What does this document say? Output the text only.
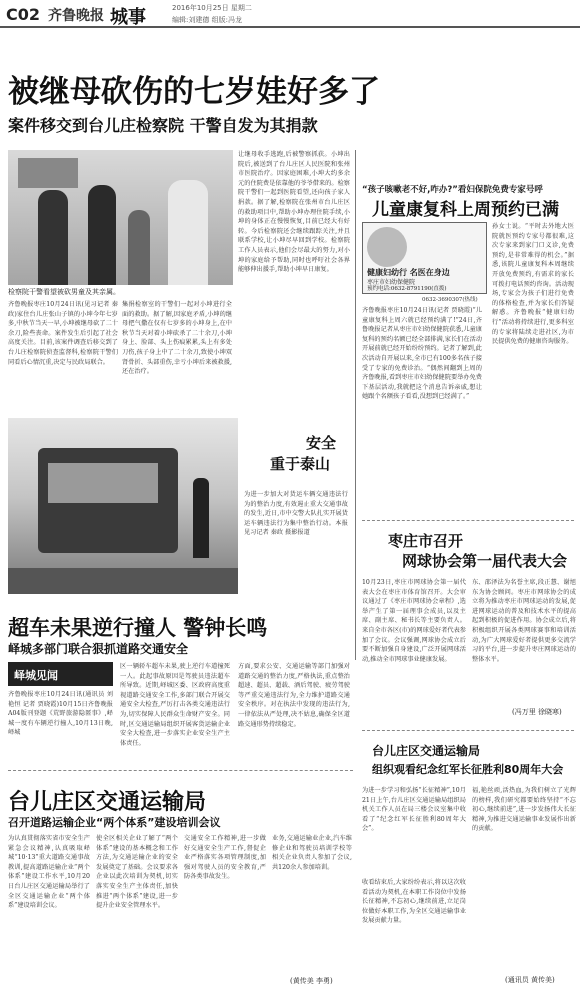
C02 齐鲁晚报 城事	2016年10月25日 星期二
编辑:刘建德 组版:冯龙
被继母砍伤的七岁娃好多了
案件移交到台儿庄检察院 干警自发为其捐款
检察院干警看望被砍男童及其亲属。
齐鲁晚报枣庄10月24日讯(见习记者 秦政)家住台儿庄张山子镇的小坤今年七岁多,中秋节当天一早,小坤被继母砍了二十余刀,险些丧命。案件发生后引起了社会高度关注。目前,该案件调查后移交到了台儿庄检察院侦查监督科,检察院干警们同看后心情沉重,决定与民政局联合。
集捐检察室的干警们一起对小坤进行全面的救助。据了解,因家庭矛盾,小坤的继母把气撒在仅有七岁多的小坤身上,在中秋节当天对着小坤砍杀了二十余刀,小坤身上、脸部、头上伤痕累累,头上有多处刀伤,孩子身上中了二十余刀,致使小坤双肾骨折、头部重伤,幸亏小坤后来被救援,还在治疗。
让继母收手逃跑,后被警察抓获。小坤出院后,被送到了台儿庄区人民医院和张州市医院治疗。因家庭困难,小坤大约多余元的住院费是依靠他的爷爷借来的。检察院干警们一起到医院看望,还向孩子家人捐款。据了解,检察院在张州市台儿庄区的救助项目中,帮助小坤办理住院手续,小坤的身体正在慢慢恢复,目前已经大有好转。今后检察院还会继续跟踪关注,并且联系学校,让小坤尽早回到学校。检察院工作人员表示,他们会尽最大的努力,对小坤的家庭给予帮助,同时也呼吁社会各界能够伸出援手,帮助小坤早日康复。
“孩子咳嗽老不好,咋办?”看妇保院免费专家号呼
儿童康复科上周预约已满
健康妇幼行 名医在身边
枣庄市妇幼保健院
预约电话:0632-8791190(直拨)
0632-3690307(热线)
齐鲁晚报枣庄10月24日讯(记者 贾晓霞)“儿童康复科上周六就已经预约满了!”24日,齐鲁晚报记者从枣庄市妇幼保健院获悉,儿童康复科的预约名额已经全部排满,家长们在活动开展前就已经开始纷纷预约。记者了解到,此次活动自开展以来,全市已有100多名孩子接受了专家的免费诊治。“偶然间翻到上周的齐鲁晚报,看到枣庄市妇幼保健院要举办免费下基层活动,我就把这个消息告诉亲戚,想让她跟个名额孩子看看,没想到已经满了。”
孙女士说。“平时去外地大医院就医预约专家号都很难,这次专家来到家门口义诊,免费预约,是非常难得的机会。”据悉,该院儿童康复科本周继续开放免费预约,有需求的家长可拨打电话预约咨询。活动现场,专家会为孩子们进行免费的体格检查,并为家长们答疑解惑。齐鲁晚报“健康妇幼行”活动将持续进行,更多科室的专家将陆续走进社区,为市民提供免费的健康咨询服务。
安全
重于泰山
为进一步加大对货运车辆交通违法行为的整治力度,有效遏止重大交通事故的发生,近日,市中交警大队扎实开展货运车辆违法行为集中整治行动。本报见习记者 秦政 摄影报道	枣庄市召开
网球协会第一届代表大会
10月23日,枣庄市网球协会第一届代表大会在枣庄市体育馆召开。大会审议通过了《枣庄市网球协会章程》,选举产生了第一届理事会成员,以及主席、副主席、秘书长等主要负责人。来自全市各区(市)的网球爱好者代表参加了会议。会议强调,网球协会成立后要不断加强自身建设,广泛开展网球活动,推动全市网球事业健康发展。
东、邵泽法为名誉主席,段正慧、谢旭东为协会顾问。枣庄市网球协会的成立将为推动枣庄市网球运动的发展,促进网球运动的普及和技术水平的提高起到积极的促进作用。协会成立后,将积极组织开展各类网球赛事和培训活动,为广大网球爱好者提供更多交流学习的平台,进一步提升枣庄网球运动的整体水平。
(冯万里 徐晓寒)
超车未果逆行撞人 警钟长鸣
峄城多部门联合狠抓道路交通安全
峄城见闻
齐鲁晚报枣庄10月24日讯(通讯员 刘艳恒 记者 贾晓霞)10月15日齐鲁晚报A04版刊登题《荒野旅游隐匿事》,峄城一度有车辆逆行撞人,10月13日晚,峄城
区一辆轿车超车未果,驶上逆行车道撞死一人。此起事故原因是驾驶员违法超车所导致。近期,峄城区委、区政府高度重视道路交通安全工作,多部门联合开展交通安全大检查,严厉打击各类交通违法行为,切实保障人民群众生命财产安全。同时,区交通运输局组织开展客货运输企业安全大检查,进一步落实企业安全生产主体责任。
方面,要求公安、交通运输等部门加强对道路交通的整治力度,严格执法,重点整治超速、超员、超载、酒后驾驶、疲劳驾驶等严重交通违法行为,全力维护道路交通安全秩序。对在执法中发现的违法行为,一律依法从严处理,决不姑息,确保全区道路交通形势持续稳定。
台儿庄区交通运输局
组织观看纪念红军长征胜利80周年大会
为进一步学习和弘扬“长征精神”,10月21日上午,台儿庄区交通运输局组织局机关工作人员在局三楼会议室集中收看了“纪念红军长征胜利80周年大会”。
收看结束后,大家纷纷表示,将以这次收看活动为契机,在本职工作岗位中发扬长征精神,不忘初心,继续前进,立足岗位做好本职工作,为全区交通运输事业发展贡献力量。
福,艳丝顽,活热血,为我们树立了光辉的榜样,我们研究都要始终坚持“不忘初心,继续前进”,进一步发扬伟大长征精神,为推进交通运输事业发展作出新的贡献。
(通讯员 黄传美)
台儿庄区交通运输局
召开道路运输企业“两个体系”建设培训会议
为认真贯彻落实省市安全生产紧急会议精神,认真吸取峄城“10·13”重大道路交通事故教训,提高道路运输企业“两个体系”建设工作水平,10月20日台儿庄区交通运输局举行了全区交通运输企业“两个体系”建设培训会议。
使全区相关企业了解了“两个体系”建设的基本概念和工作方法,为交通运输企业的安全发展奠定了基础。会议要求各企业以此次培训为契机,切实落实安全生产主体责任,加快推进“两个体系”建设,进一步提升企业安全管理水平。
交通安全工作精神,进一步做好交通安全生产工作,督促企业严格落实各项管理制度,加强对驾驶人员的安全教育,严防各类事故发生。
业务,交通运输业企业,汽车维修企业和驾驶员培训学校等相关企业负责人参加了会议,共120余人参加培训。
(黄传美 李勇)
